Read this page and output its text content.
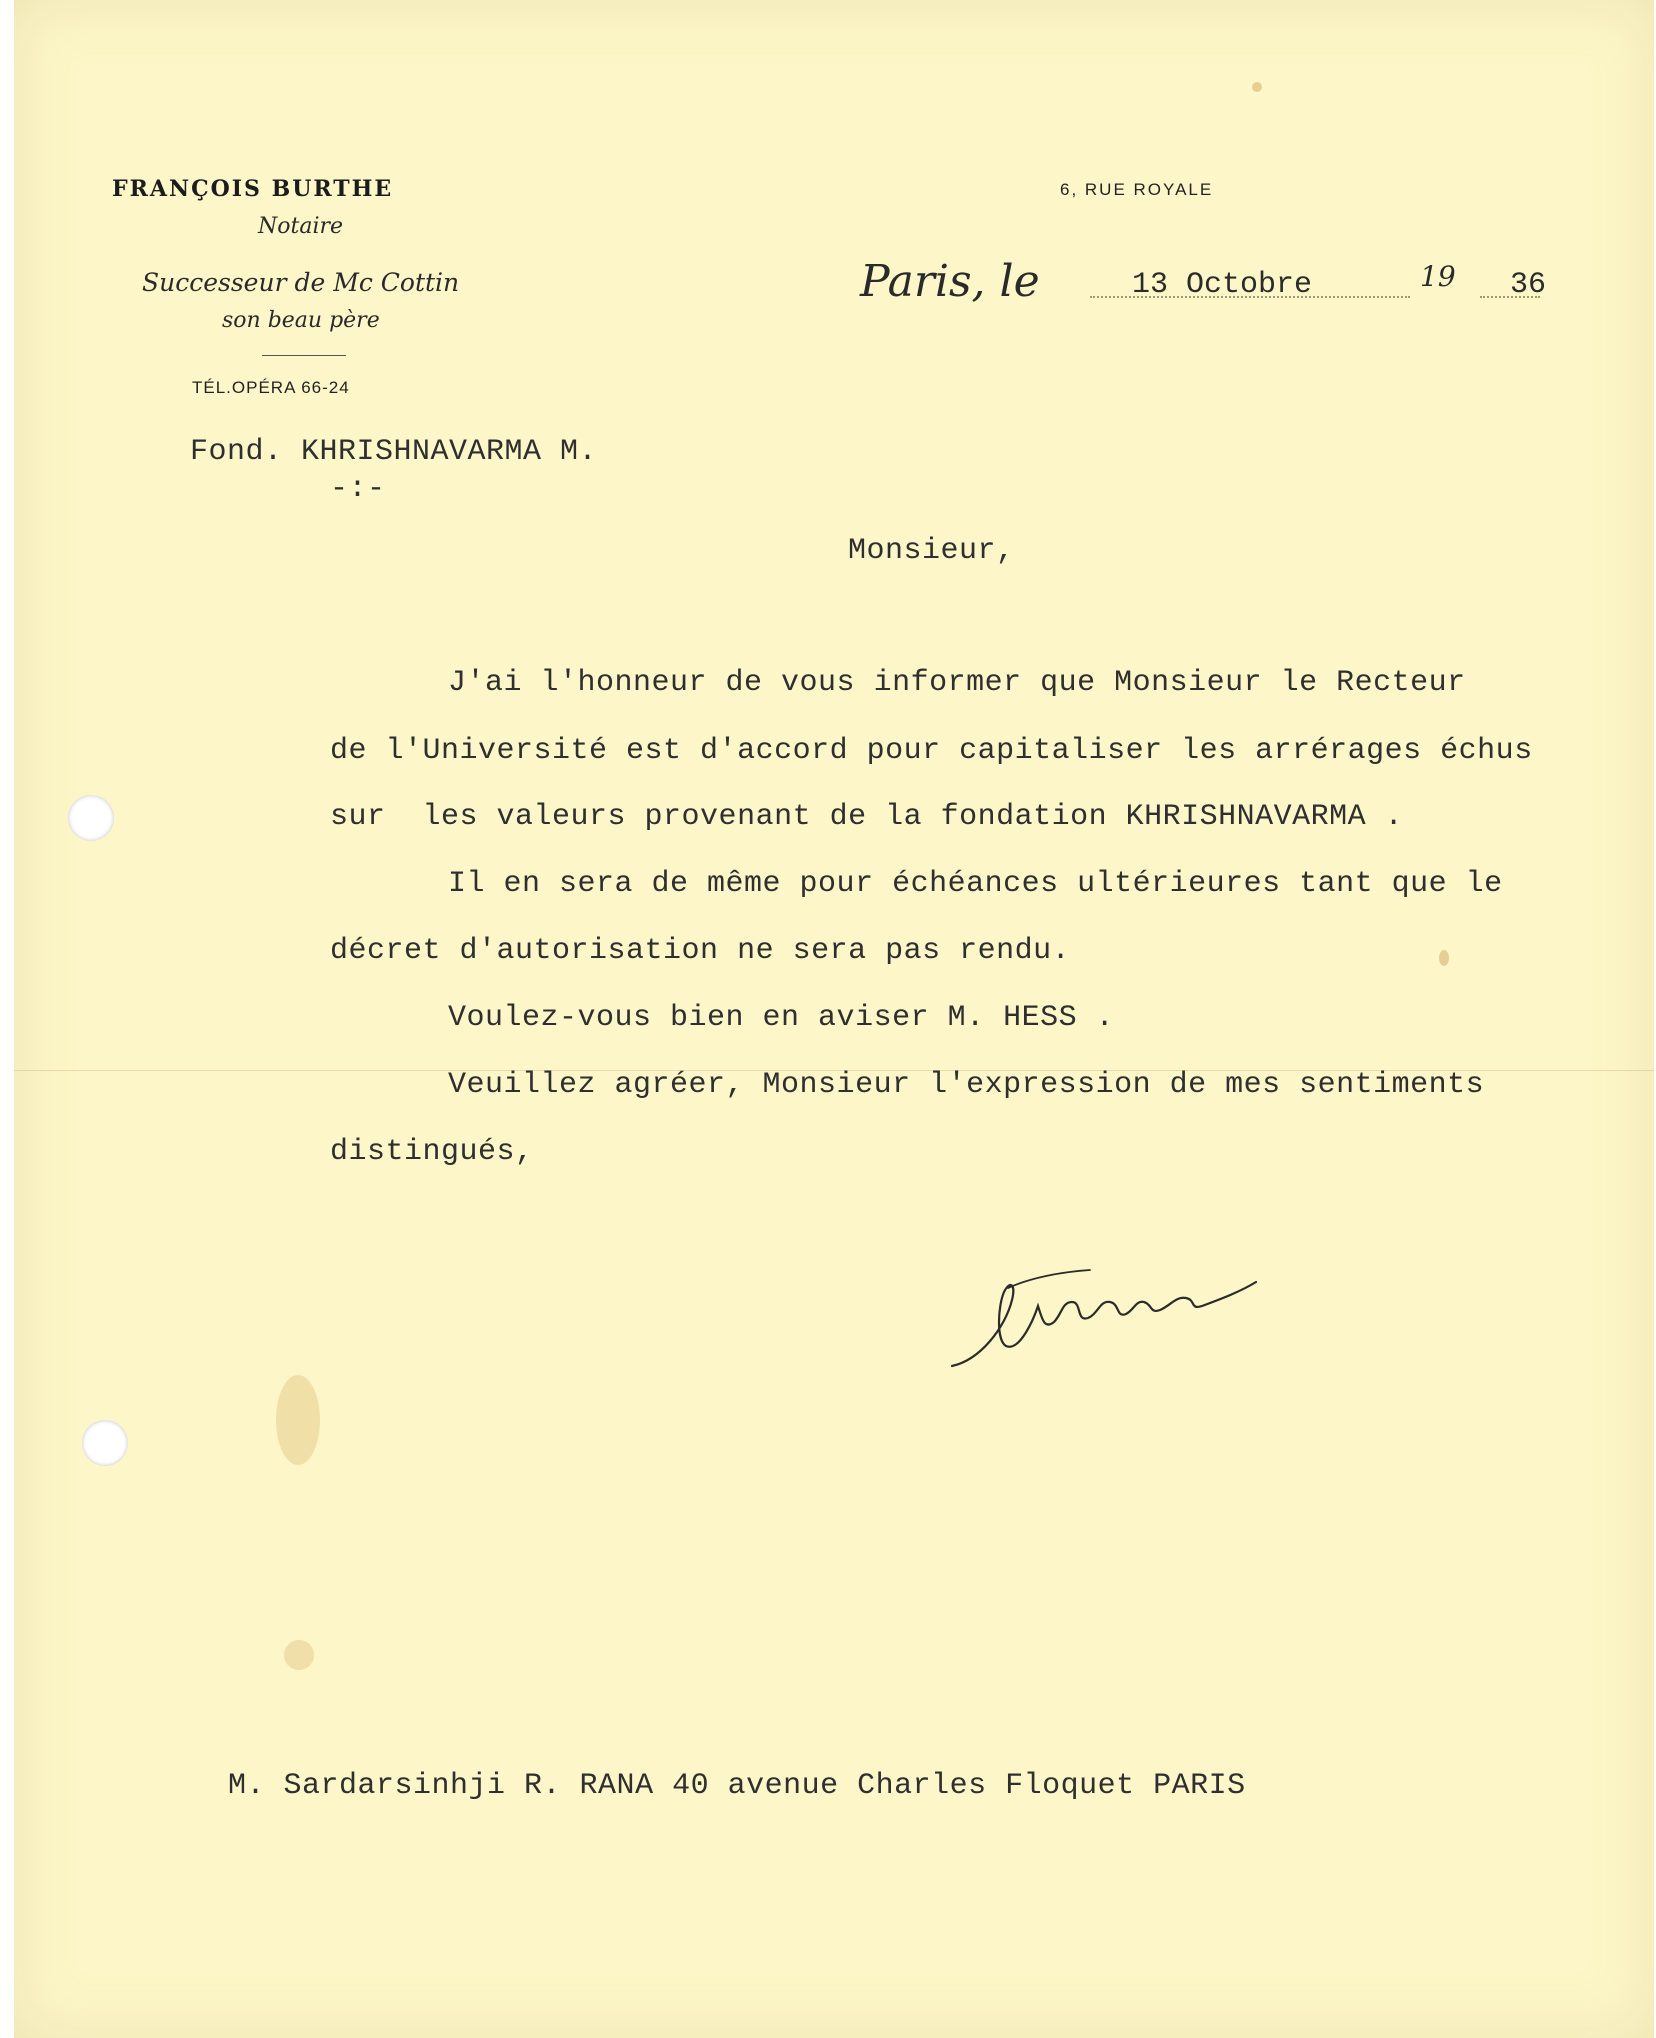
FRANÇOIS BURTHE
Notaire
Successeur de Mc Cottin
son beau père
TÉL.OPÉRA 66-24
6, RUE ROYALE
Paris, le	13 Octobre	19 36
Fond. KHRISHNAVARMA M.
-:-
Monsieur,
J'ai l'honneur de vous informer que Monsieur le Recteur
de l'Université est d'accord pour capitaliser les arrérages échus
sur  les valeurs provenant de la fondation KHRISHNAVARMA .
Il en sera de même pour échéances ultérieures tant que le
décret d'autorisation ne sera pas rendu.
Voulez-vous bien en aviser M. HESS .
Veuillez agréer, Monsieur l'expression de mes sentiments
distingués,
M. Sardarsinhji R. RANA 40 avenue Charles Floquet PARIS
